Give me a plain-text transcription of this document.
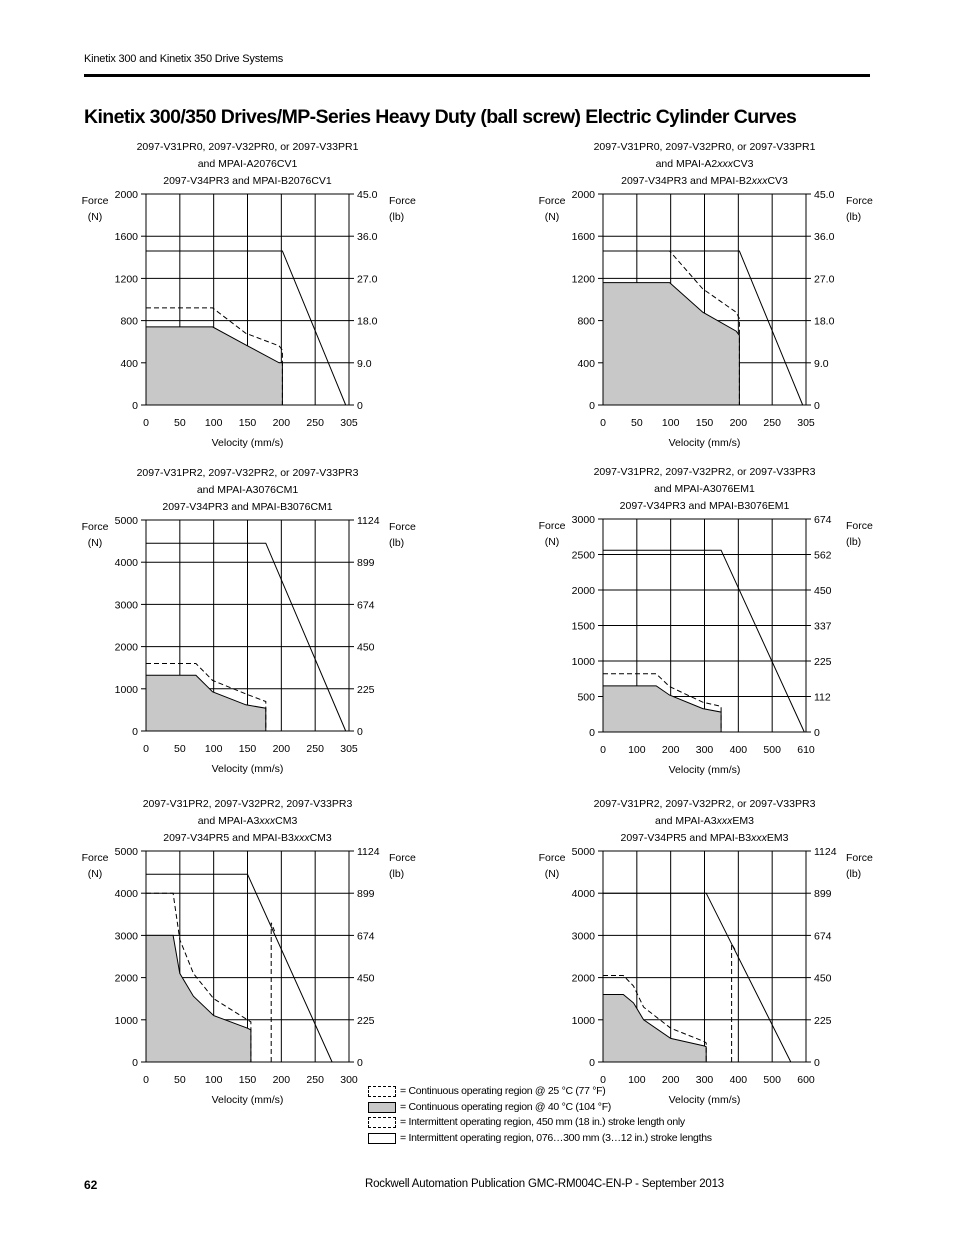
Kinetix 300 and Kinetix 350 Drive Systems
Kinetix 300/350 Drives/MP-Series Heavy Duty (ball screw) Electric Cylinder Curves
2097-V31PR0, 2097-V32PR0, or 2097-V33PR1
and MPAI-A2076CV1
2097-V34PR3 and MPAI-B2076CV1
0 50 100 150 200 250 305
0	0
400	9.0
800	18.0
1200	27.0
1600	36.0
2000	45.0
Velocity (mm/s)
Force
(N)
Force
(lb)
2097-V31PR0, 2097-V32PR0, or 2097-V33PR1
and MPAI-A2xxxCV3
2097-V34PR3 and MPAI-B2xxxCV3
0 50 100 150 200 250 305
0	0
400	9.0
800	18.0
1200	27.0
1600	36.0
2000	45.0
Velocity (mm/s)
Force
(N)
Force
(lb)
2097-V31PR2, 2097-V32PR2, or 2097-V33PR3
and MPAI-A3076CM1
2097-V34PR3 and MPAI-B3076CM1
0 50 100 150 200 250 305
0	0
1000	225
2000	450
3000	674
4000	899
5000	1124
Velocity (mm/s)
Force
(N)
Force
(lb)
2097-V31PR2, 2097-V32PR2, or 2097-V33PR3
and MPAI-A3076EM1
2097-V34PR3 and MPAI-B3076EM1
0 100 200 300 400 500 610
0	0
500	112
1000	225
1500	337
2000	450
2500	562
3000	674
Velocity (mm/s)
Force
(N)
Force
(lb)
2097-V31PR2, 2097-V32PR2, 2097-V33PR3
and MPAI-A3xxxCM3
2097-V34PR5 and MPAI-B3xxxCM3
0 50 100 150 200 250 300
0	0
1000	225
2000	450
3000	674
4000	899
5000	1124
Velocity (mm/s)
Force
(N)
Force
(lb)
2097-V31PR2, 2097-V32PR2, or 2097-V33PR3
and MPAI-A3xxxEM3
2097-V34PR5 and MPAI-B3xxxEM3
0 100 200 300 400 500 600
0	0
1000	225
2000	450
3000	674
4000	899
5000	1124
Velocity (mm/s)
Force
(N)
Force
(lb)
= Continuous operating region @ 25 °C (77 °F)
= Continuous operating region @ 40 °C (104 °F)
= Intermittent operating region, 450 mm (18 in.) stroke length only
= Intermittent operating region, 076…300 mm (3…12 in.) stroke lengths
62	Rockwell Automation Publication GMC-RM004C-EN-P - September 2013
